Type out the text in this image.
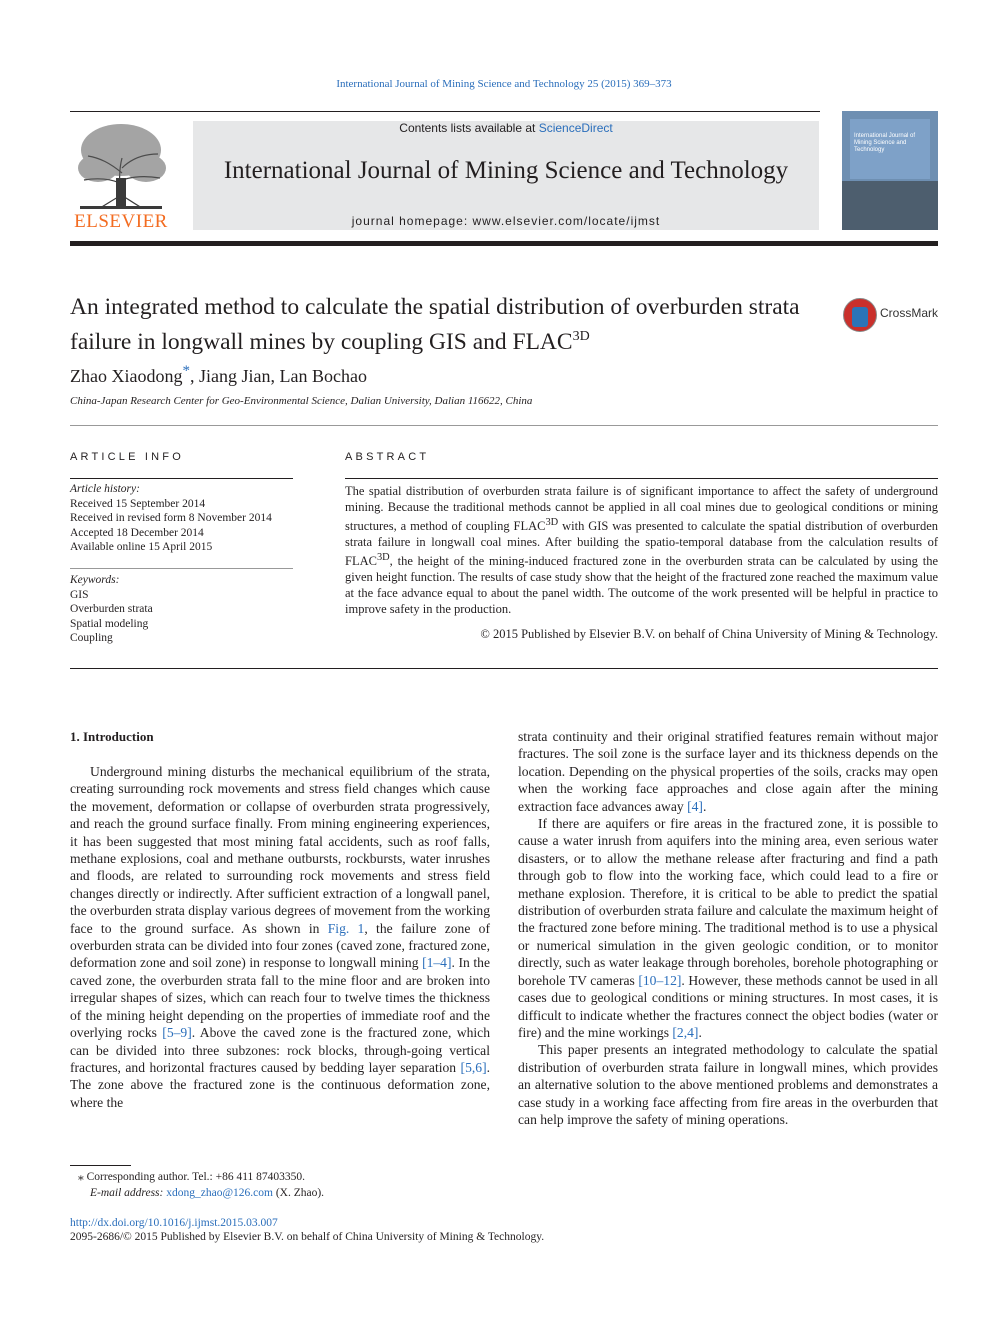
International Journal of Mining Science and Technology 25 (2015) 369–373
ELSEVIER
Contents lists available at ScienceDirect
International Journal of Mining Science and Technology
journal homepage: www.elsevier.com/locate/ijmst
International Journal of Mining Science and Technology
An integrated method to calculate the spatial distribution of overburden strata failure in longwall mines by coupling GIS and $FLAC^{3D}$
CrossMark
Zhao Xiaodong*, Jiang Jian, Lan Bochao
China-Japan Research Center for Geo-Environmental Science, Dalian University, Dalian 116622, China
ARTICLE INFO	ABSTRACT
Article history:
Received 15 September 2014
Received in revised form 8 November 2014
Accepted 18 December 2014
Available online 15 April 2015
Keywords:
GIS
Overburden strata
Spatial modeling
Coupling
The spatial distribution of overburden strata failure is of significant importance to affect the safety of underground mining. Because the traditional methods cannot be applied in all coal mines due to geological conditions or mining structures, a method of coupling $FLAC^{3D}$ with GIS was presented to calculate the spatial distribution of overburden strata failure in longwall coal mines. After building the spatio-temporal database from the calculation results of $FLAC^{3D}$, the height of the mining-induced fractured zone in the overburden strata can be calculated by using the given height function. The results of case study show that the height of the fractured zone reached the maximum value at the face advance equal to about the panel width. The outcome of the work presented will be helpful in practice to improve safety in the production.
© 2015 Published by Elsevier B.V. on behalf of China University of Mining & Technology.
1. Introduction

Underground mining disturbs the mechanical equilibrium of the strata, creating surrounding rock movements and stress field changes which cause the movement, deformation or collapse of overburden strata progressively, and reach the ground surface finally. From mining engineering experiences, it has been suggested that most mining fatal accidents, such as roof falls, methane explosions, coal and methane outbursts, rockbursts, water inrushes and floods, are related to surrounding rock movements and stress field changes directly or indirectly. After sufficient extraction of a longwall panel, the overburden strata display various degrees of movement from the working face to the ground surface. As shown in Fig. 1, the failure zone of overburden strata can be divided into four zones (caved zone, fractured zone, deformation zone and soil zone) in response to longwall mining [1–4]. In the caved zone, the overburden strata fall to the mine floor and are broken into irregular shapes of sizes, which can reach four to twelve times the thickness of the mining height depending on the properties of immediate roof and the overlying rocks [5–9]. Above the caved zone is the fractured zone, which can be divided into three subzones: rock blocks, through-going vertical fractures, and horizontal fractures caused by bedding layer separation [5,6]. The zone above the fractured zone is the continuous deformation zone, where the

strata continuity and their original stratified features remain without major fractures. The soil zone is the surface layer and its thickness depends on the location. Depending on the physical properties of the soils, cracks may open when the working face approaches and close again after the mining extraction face advances away [4].

If there are aquifers or fire areas in the fractured zone, it is possible to cause a water inrush from aquifers into the mining area, even serious water disasters, or to allow the methane release after fracturing and find a path through gob to flow into the working face, which could lead to a fire or methane explosion. Therefore, it is critical to be able to predict the spatial distribution of overburden strata failure and calculate the maximum height of the fractured zone before mining. The traditional method is to use a physical or numerical simulation in the given geologic condition, or to monitor directly, such as water leakage through boreholes, borehole photographing or borehole TV cameras [10–12]. However, these methods cannot be used in all cases due to geological conditions or mining structures. In most cases, it is difficult to indicate whether the fractures connect the object bodies (water or fire) and the mine workings [2,4].

This paper presents an integrated methodology to calculate the spatial distribution of overburden strata failure in longwall mines, which provides an alternative solution to the above mentioned problems and demonstrates a case study in a working face affecting from fire areas in the overburden that can help improve the safety of mining operations.

⁎ Corresponding author. Tel.: +86 411 87403350.
E-mail address: xdong_zhao@126.com (X. Zhao).
http://dx.doi.org/10.1016/j.ijmst.2015.03.007
2095-2686/© 2015 Published by Elsevier B.V. on behalf of China University of Mining & Technology.
